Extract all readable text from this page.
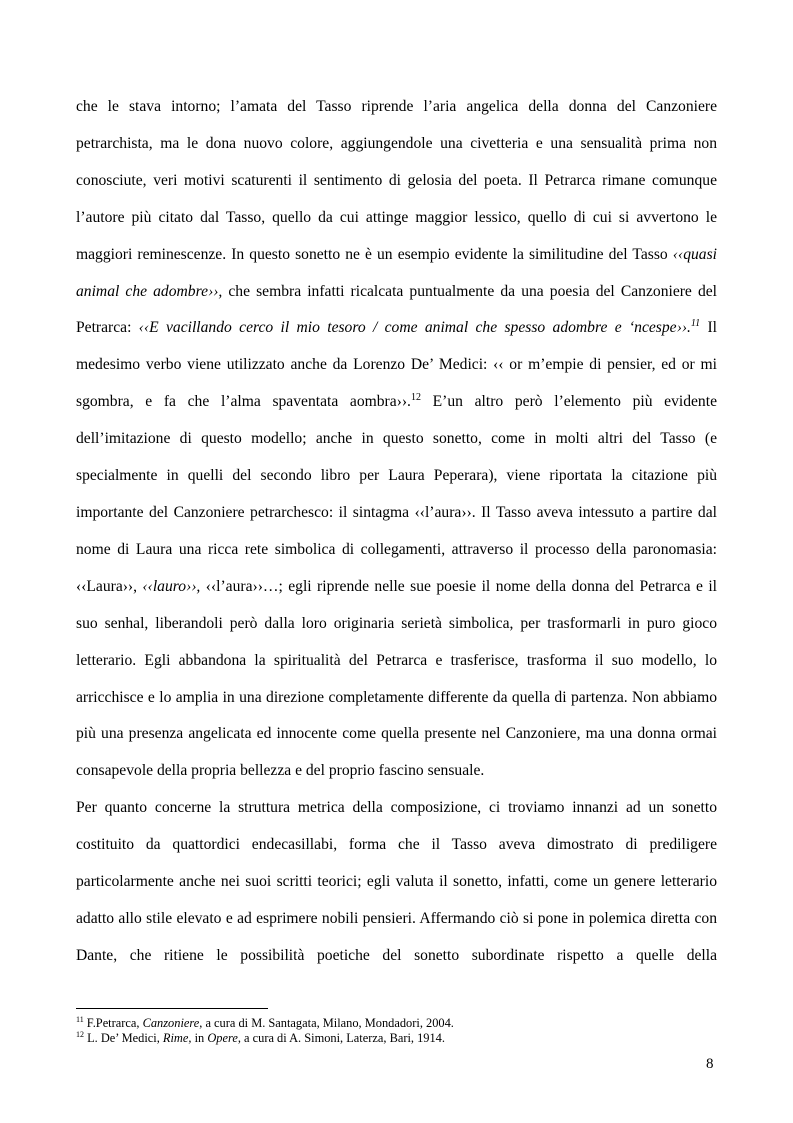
che le stava intorno; l’amata del Tasso riprende l’aria angelica della donna del Canzoniere petrarchista, ma le dona nuovo colore, aggiungendole una civetteria e una sensualità prima non conosciute, veri motivi scaturenti il sentimento di gelosia del poeta. Il Petrarca rimane comunque l’autore più citato dal Tasso, quello da cui attinge maggior lessico, quello di cui si avvertono le maggiori reminescenze. In questo sonetto ne è un esempio evidente la similitudine del Tasso ‹‹quasi animal che adombre››, che sembra infatti ricalcata puntualmente da una poesia del Canzoniere del Petrarca: ‹‹E vacillando cerco il mio tesoro / come animal che spesso adombre e ‘ncespe››.$^{11}$ Il medesimo verbo viene utilizzato anche da Lorenzo De’ Medici: ‹‹ or m’empie di pensier, ed or mi sgombra, e fa che l’alma spaventata aombra››.$^{12}$ E’un altro però l’elemento più evidente dell’imitazione di questo modello; anche in questo sonetto, come in molti altri del Tasso (e specialmente in quelli del secondo libro per Laura Peperara), viene riportata la citazione più importante del Canzoniere petrarchesco: il sintagma ‹‹l’aura››. Il Tasso aveva intessuto a partire dal nome di Laura una ricca rete simbolica di collegamenti, attraverso il processo della paronomasia: ‹‹Laura››, ‹‹lauro››, ‹‹l’aura››…; egli riprende nelle sue poesie il nome della donna del Petrarca e il suo senhal, liberandoli però dalla loro originaria serietà simbolica, per trasformarli in puro gioco letterario. Egli abbandona la spiritualità del Petrarca e trasferisce, trasforma il suo modello, lo arricchisce e lo amplia in una direzione completamente differente da quella di partenza. Non abbiamo più una presenza angelicata ed innocente come quella presente nel Canzoniere, ma una donna ormai consapevole della propria bellezza e del proprio fascino sensuale.

Per quanto concerne la struttura metrica della composizione, ci troviamo innanzi ad un sonetto costituito da quattordici endecasillabi, forma che il Tasso aveva dimostrato di prediligere particolarmente anche nei suoi scritti teorici; egli valuta il sonetto, infatti, come un genere letterario adatto allo stile elevato e ad esprimere nobili pensieri. Affermando ciò si pone in polemica diretta con Dante, che ritiene le possibilità poetiche del sonetto subordinate rispetto a quelle della

$^{11}$ F.Petrarca, Canzoniere, a cura di M. Santagata, Milano, Mondadori, 2004.

$^{12}$ L. De’ Medici, Rime, in Opere, a cura di A. Simoni, Laterza, Bari, 1914.

8
